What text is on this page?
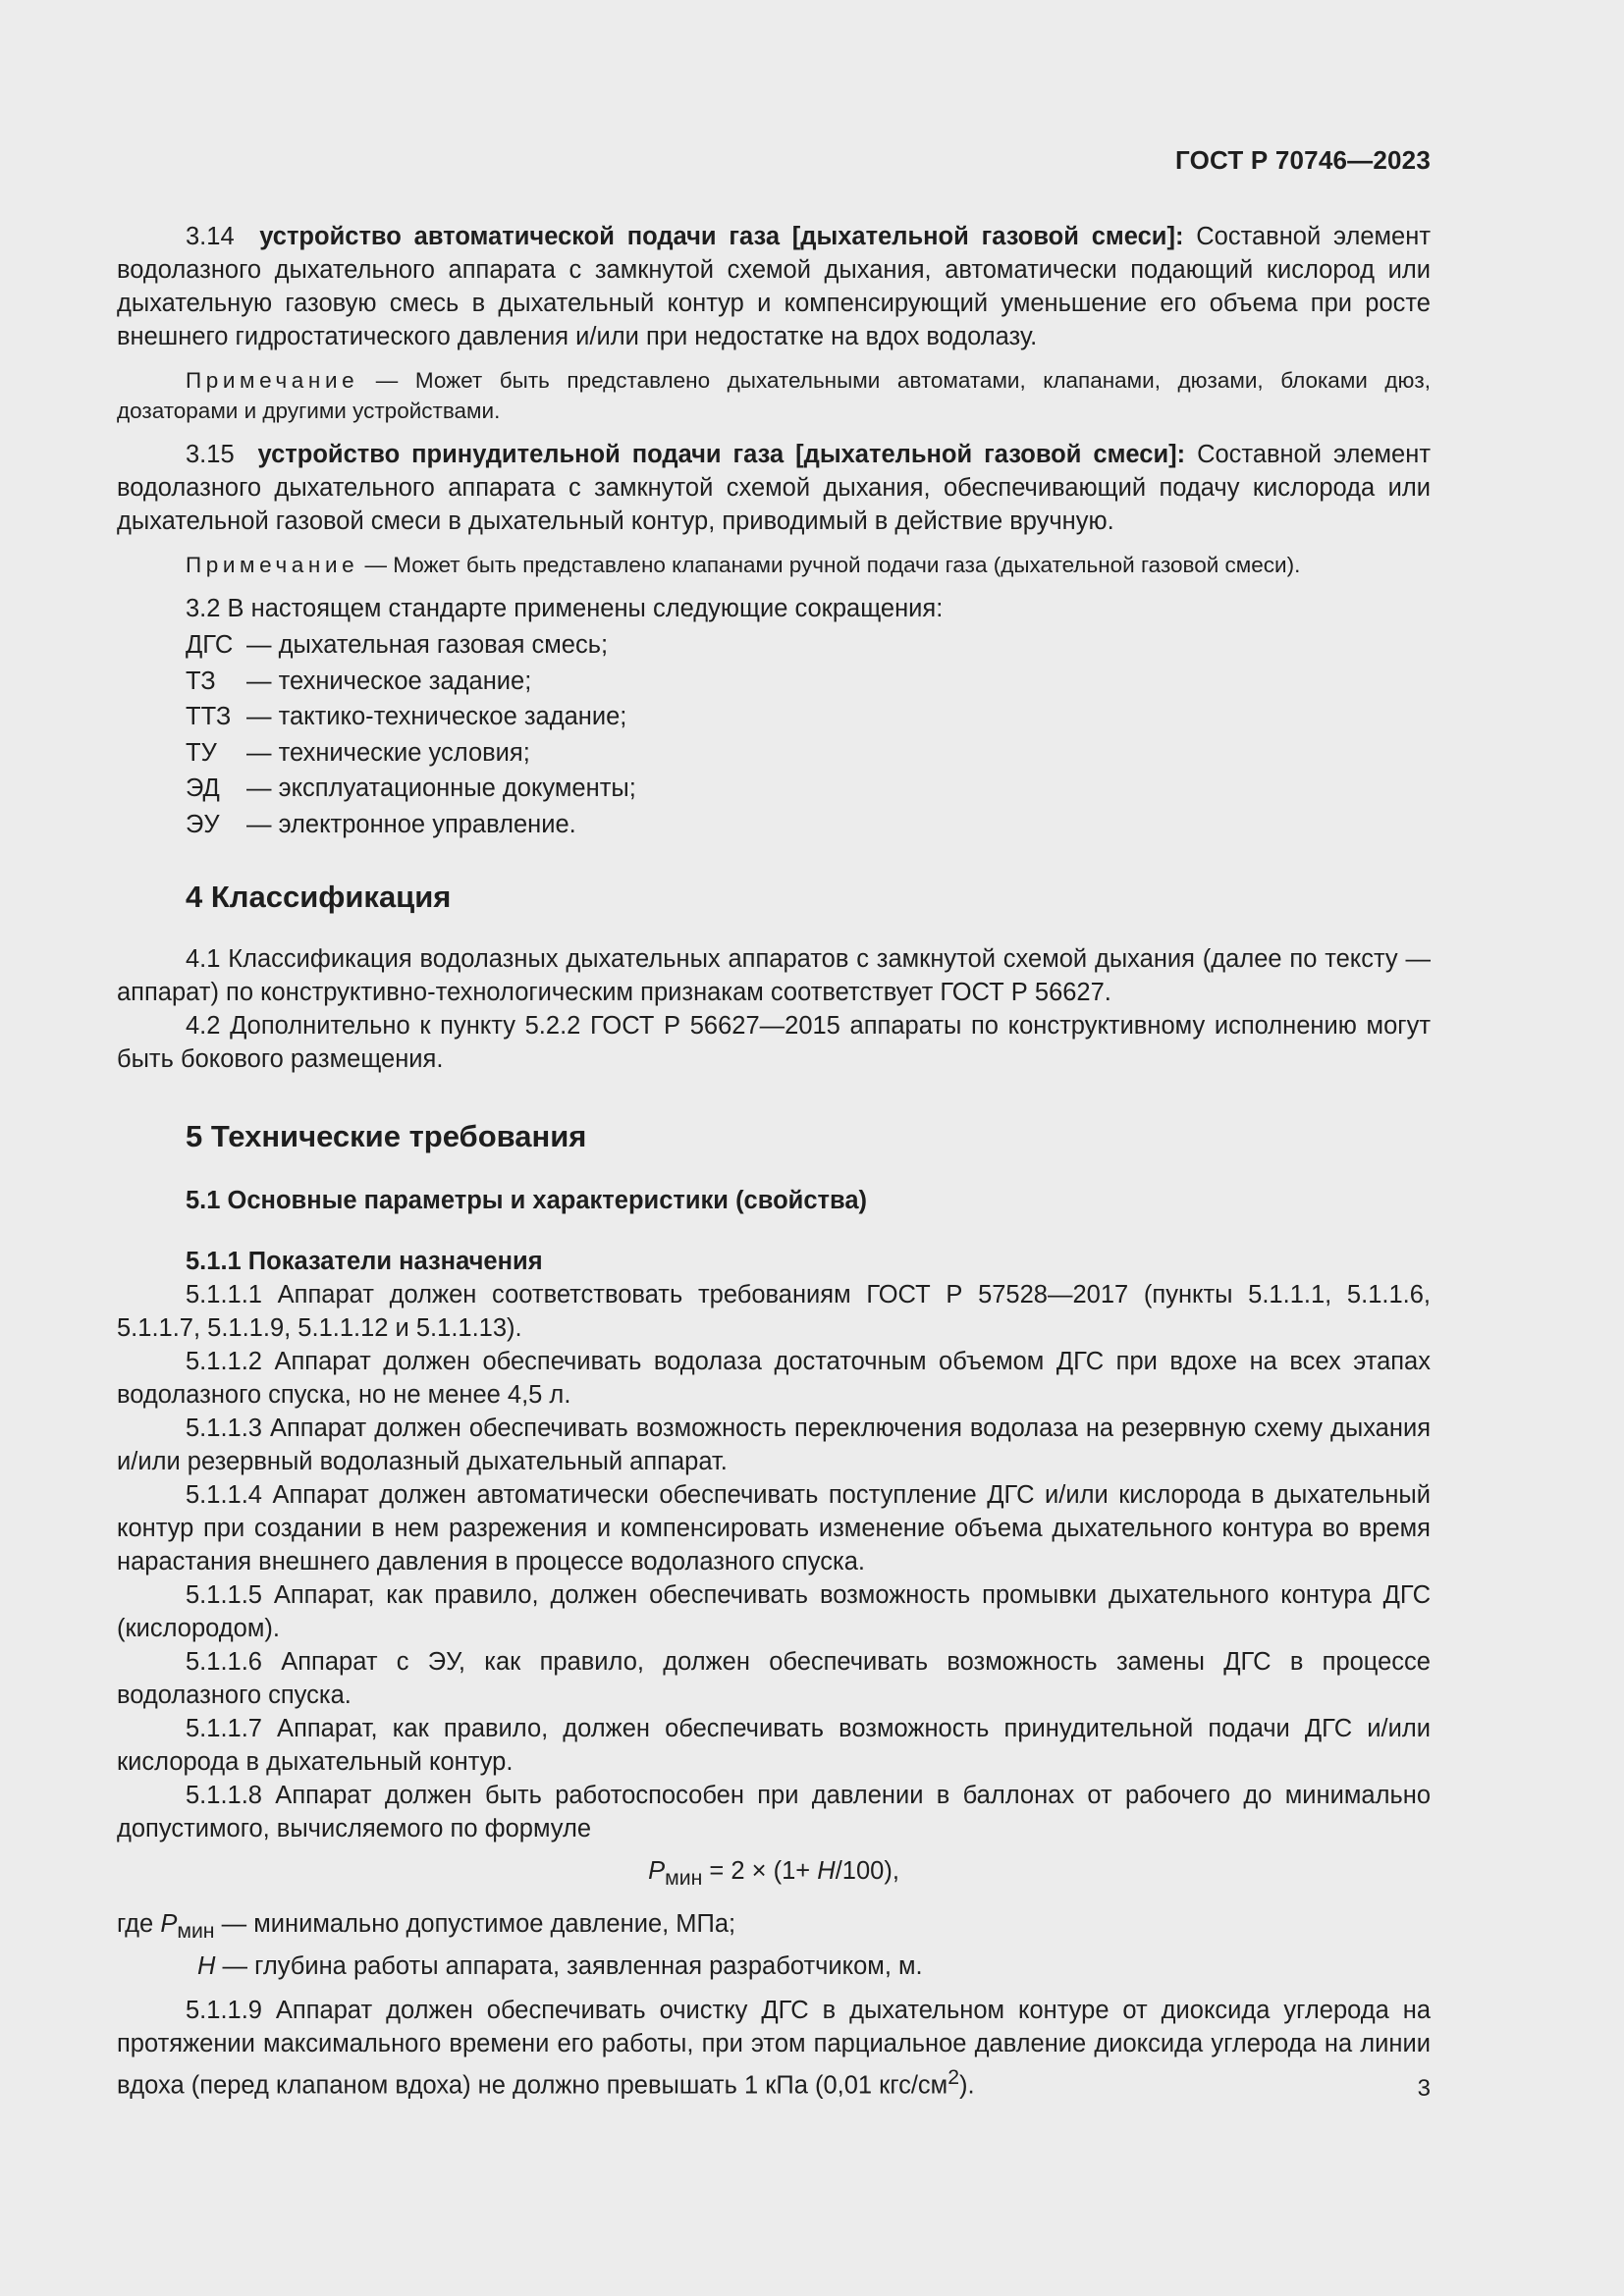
ГОСТ Р 70746—2023

3.14 устройство автоматической подачи газа [дыхательной газовой смеси]: Составной элемент водолазного дыхательного аппарата с замкнутой схемой дыхания, автоматически подающий кислород или дыхательную газовую смесь в дыхательный контур и компенсирующий уменьшение его объема при росте внешнего гидростатического давления и/или при недостатке на вдох водолазу.

Примечание — Может быть представлено дыхательными автоматами, клапанами, дюзами, блоками дюз, дозаторами и другими устройствами.

3.15 устройство принудительной подачи газа [дыхательной газовой смеси]: Составной элемент водолазного дыхательного аппарата с замкнутой схемой дыхания, обеспечивающий подачу кислорода или дыхательной газовой смеси в дыхательный контур, приводимый в действие вручную.

Примечание — Может быть представлено клапанами ручной подачи газа (дыхательной газовой смеси).

3.2 В настоящем стандарте применены следующие сокращения:

ДГС — дыхательная газовая смесь;
ТЗ	— техническое задание;
ТТЗ — тактико-техническое задание;
ТУ	— технические условия;
ЭД	— эксплуатационные документы;
ЭУ	— электронное управление.
4 Классификация

4.1 Классификация водолазных дыхательных аппаратов с замкнутой схемой дыхания (далее по тексту — аппарат) по конструктивно-технологическим признакам соответствует ГОСТ Р 56627.

4.2 Дополнительно к пункту 5.2.2 ГОСТ Р 56627—2015 аппараты по конструктивному исполнению могут быть бокового размещения.

5 Технические требования
5.1 Основные параметры и характеристики (свойства)
5.1.1 Показатели назначения

5.1.1.1 Аппарат должен соответствовать требованиям ГОСТ Р 57528—2017 (пункты 5.1.1.1, 5.1.1.6, 5.1.1.7, 5.1.1.9, 5.1.1.12 и 5.1.1.13).

5.1.1.2 Аппарат должен обеспечивать водолаза достаточным объемом ДГС при вдохе на всех этапах водолазного спуска, но не менее 4,5 л.

5.1.1.3 Аппарат должен обеспечивать возможность переключения водолаза на резервную схему дыхания и/или резервный водолазный дыхательный аппарат.

5.1.1.4 Аппарат должен автоматически обеспечивать поступление ДГС и/или кислорода в дыхательный контур при создании в нем разрежения и компенсировать изменение объема дыхательного контура во время нарастания внешнего давления в процессе водолазного спуска.

5.1.1.5 Аппарат, как правило, должен обеспечивать возможность промывки дыхательного контура ДГС (кислородом).

5.1.1.6 Аппарат с ЭУ, как правило, должен обеспечивать возможность замены ДГС в процессе водолазного спуска.

5.1.1.7 Аппарат, как правило, должен обеспечивать возможность принудительной подачи ДГС и/или кислорода в дыхательный контур.

5.1.1.8 Аппарат должен быть работоспособен при давлении в баллонах от рабочего до минимально допустимого, вычисляемого по формуле

$P_{мин} = 2 \times (1+ H/100)$,

где $P_{мин}$ — минимально допустимое давление, МПа;

H — глубина работы аппарата, заявленная разработчиком, м.

5.1.1.9 Аппарат должен обеспечивать очистку ДГС в дыхательном контуре от диоксида углерода на протяжении максимального времени его работы, при этом парциальное давление диоксида углерода на линии вдоха (перед клапаном вдоха) не должно превышать 1 кПа (0,01 кгс/$см^2$).	3
